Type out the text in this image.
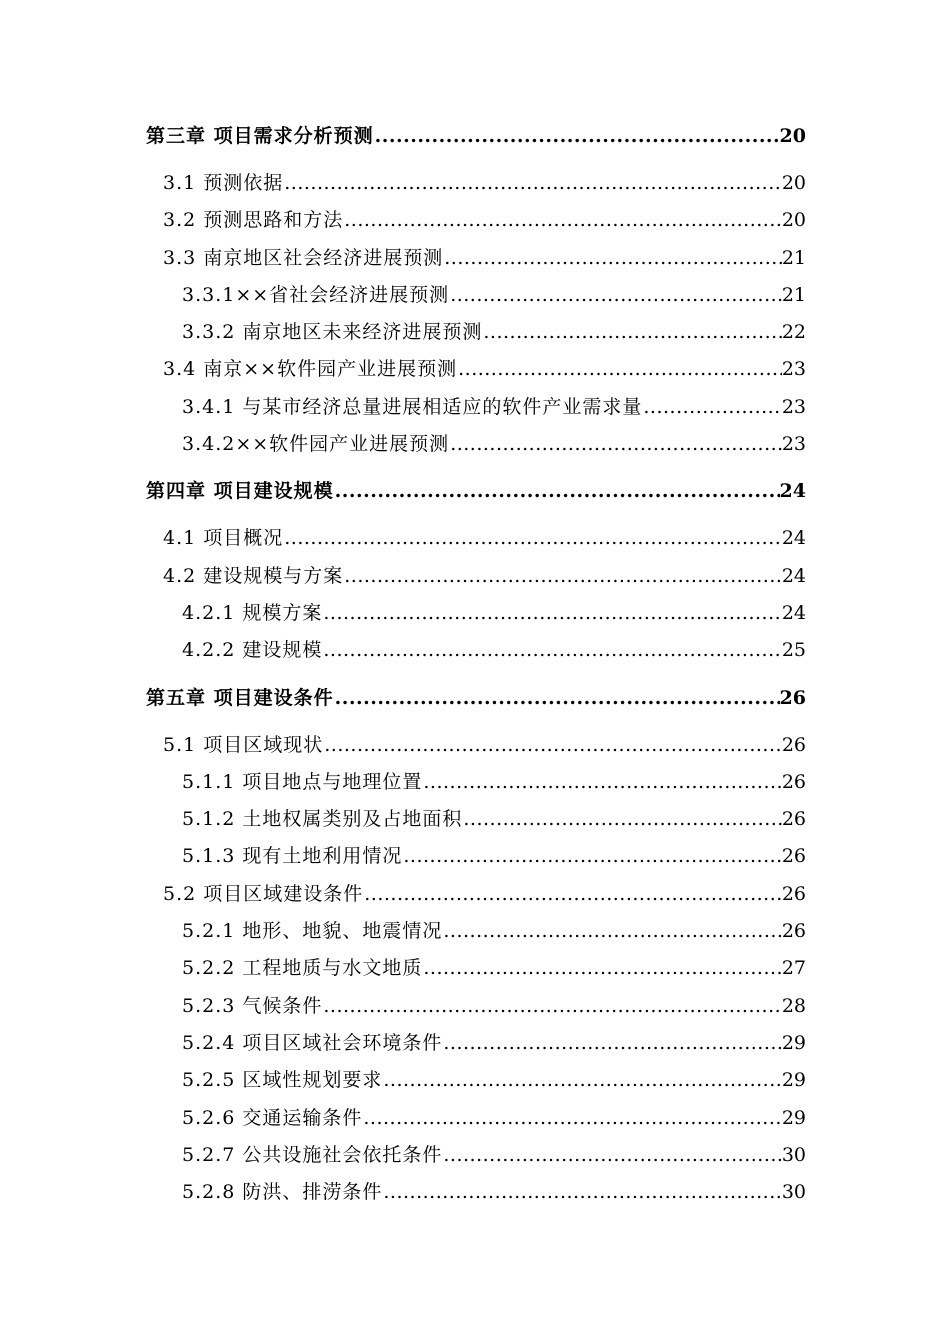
第三章 项目需求分析预测 .....	20
3.1 预测依据 .....	20
3.2 预测思路和方法 .....	20
3.3 南京地区社会经济进展预测 .....	21
3.3.1××省社会经济进展预测 .....	21
3.3.2 南京地区未来经济进展预测 .....	22
3.4 南京××软件园产业进展预测 .....	23
3.4.1 与某市经济总量进展相适应的软件产业需求量 .....	23
3.4.2××软件园产业进展预测 .....	23
第四章 项目建设规模 .....	24
4.1 项目概况 .....	24
4.2 建设规模与方案 .....	24
4.2.1 规模方案 .....	24
4.2.2 建设规模 .....	25
第五章 项目建设条件 .....	26
5.1 项目区域现状 .....	26
5.1.1 项目地点与地理位置 .....	26
5.1.2 土地权属类别及占地面积 .....	26
5.1.3 现有土地利用情况 .....	26
5.2 项目区域建设条件 .....	26
5.2.1 地形、地貌、地震情况 .....	26
5.2.2 工程地质与水文地质 .....	27
5.2.3 气候条件 .....	28
5.2.4 项目区域社会环境条件 .....	29
5.2.5 区域性规划要求 .....	29
5.2.6 交通运输条件 .....	29
5.2.7 公共设施社会依托条件 .....	30
5.2.8 防洪、排涝条件 .....	30
